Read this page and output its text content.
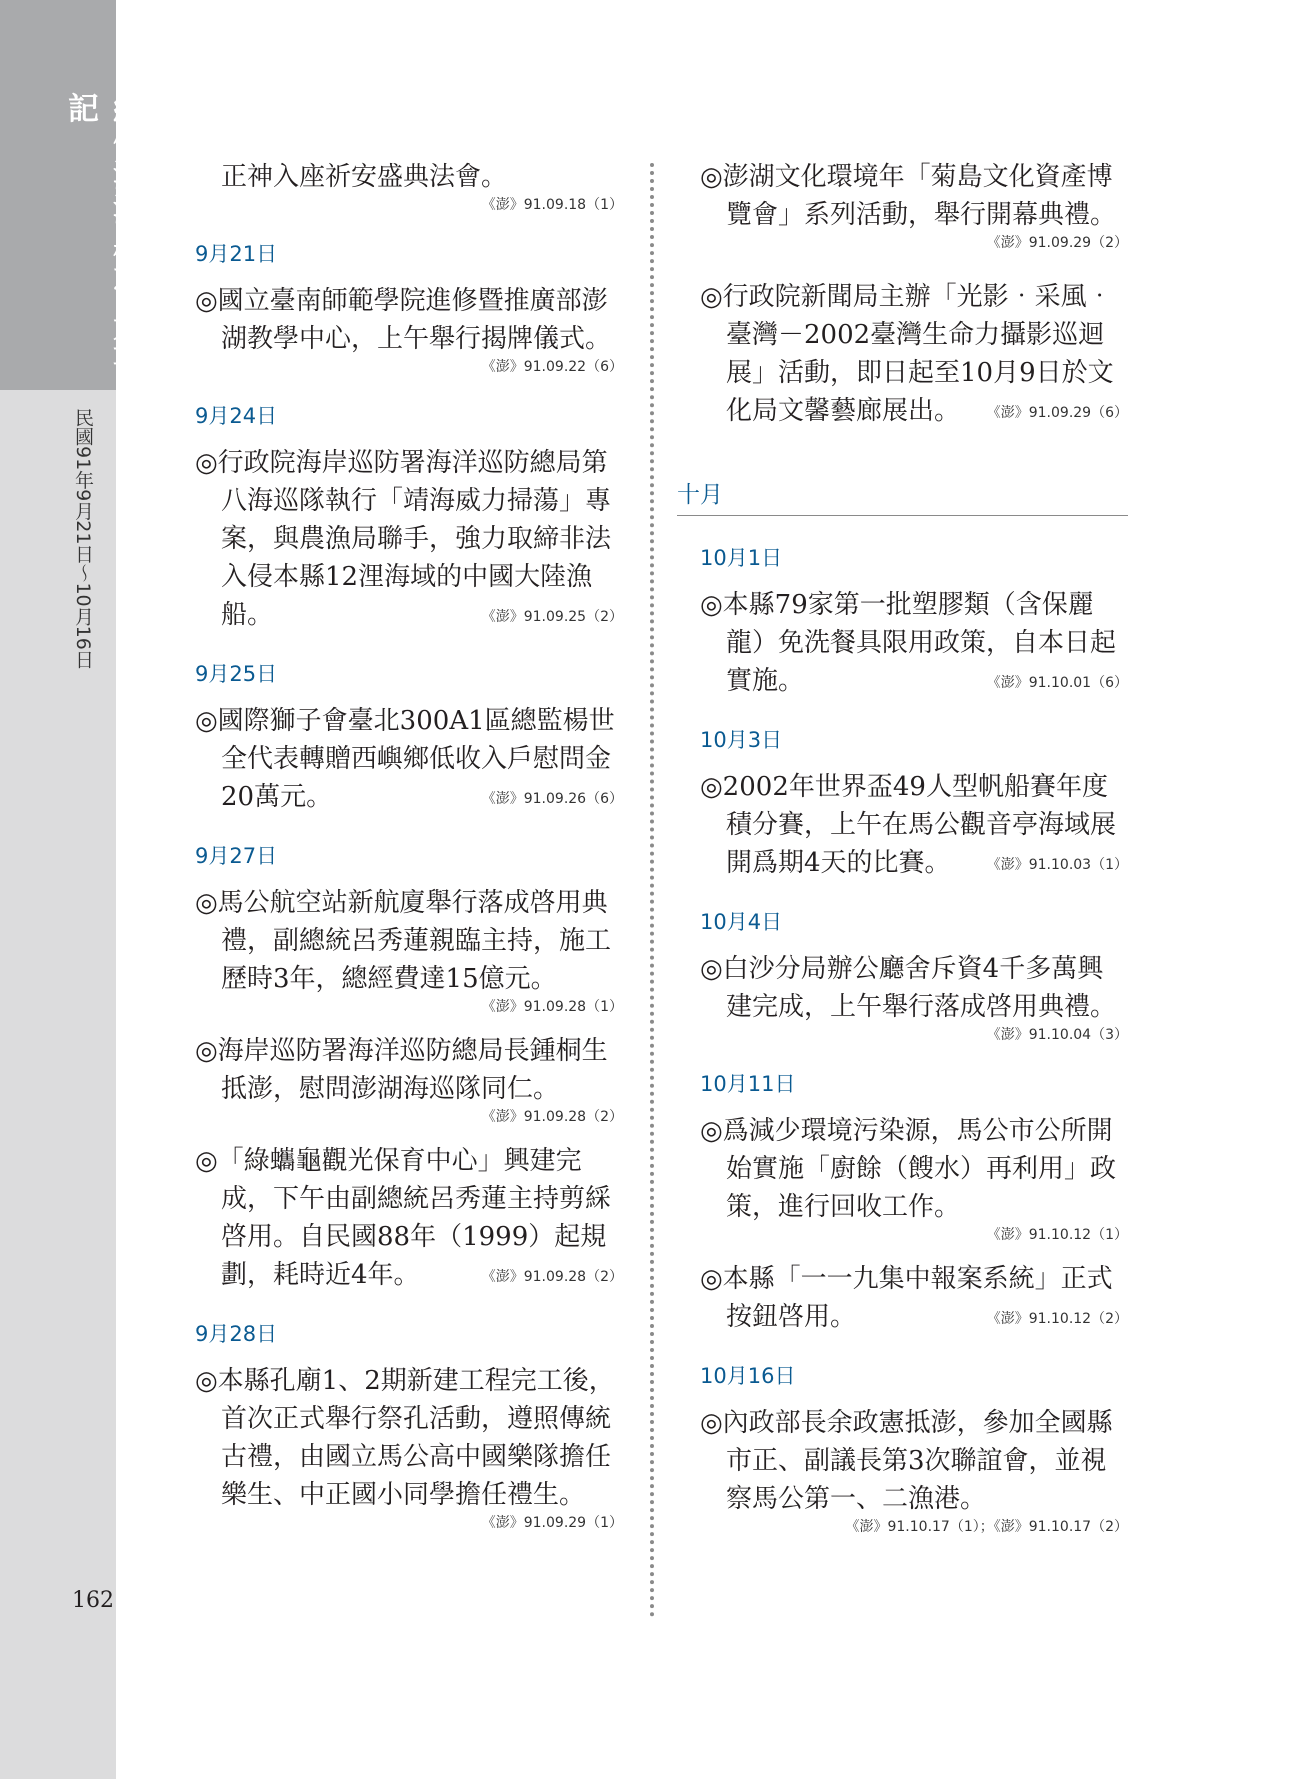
續修澎湖縣志 大事記
民國91年9月21日〜10月16日
162
正神入座祈安盛典法會。
《澎》91.09.18（1）
9月21日
◎國立臺南師範學院進修暨推廣部澎湖教學中心，上午舉行揭牌儀式。
《澎》91.09.22（6）
9月24日
◎行政院海岸巡防署海洋巡防總局第八海巡隊執行「靖海威力掃蕩」專案，與農漁局聯手，強力取締非法入侵本縣12浬海域的中國大陸漁船。	《澎》91.09.25（2）
9月25日
◎國際獅子會臺北300A1區總監楊世全代表轉贈西嶼鄉低收入戶慰問金20萬元。	《澎》91.09.26（6）
9月27日
◎馬公航空站新航廈舉行落成啓用典禮，副總統呂秀蓮親臨主持，施工歷時3年，總經費達15億元。
《澎》91.09.28（1）
◎海岸巡防署海洋巡防總局長鍾桐生抵澎，慰問澎湖海巡隊同仁。
《澎》91.09.28（2）
◎「綠蠵龜觀光保育中心」興建完成，下午由副總統呂秀蓮主持剪綵啓用。自民國88年（1999）起規劃，耗時近4年。	《澎》91.09.28（2）
9月28日
◎本縣孔廟1、2期新建工程完工後，首次正式舉行祭孔活動，遵照傳統古禮，由國立馬公高中國樂隊擔任樂生、中正國小同學擔任禮生。
《澎》91.09.29（1）
◎澎湖文化環境年「菊島文化資產博覽會」系列活動，舉行開幕典禮。
《澎》91.09.29（2）
◎行政院新聞局主辦「光影‧采風‧臺灣－2002臺灣生命力攝影巡迴展」活動，即日起至10月9日於文化局文馨藝廊展出。	《澎》91.09.29（6）
十月
10月1日
◎本縣79家第一批塑膠類（含保麗龍）免洗餐具限用政策，自本日起實施。	《澎》91.10.01（6）
10月3日
◎2002年世界盃49人型帆船賽年度積分賽，上午在馬公觀音亭海域展開爲期4天的比賽。	《澎》91.10.03（1）
10月4日
◎白沙分局辦公廳舍斥資4千多萬興建完成，上午舉行落成啓用典禮。
《澎》91.10.04（3）
10月11日
◎爲減少環境污染源，馬公市公所開始實施「廚餘（餿水）再利用」政策，進行回收工作。
《澎》91.10.12（1）
◎本縣「一一九集中報案系統」正式按鈕啓用。	《澎》91.10.12（2）
10月16日
◎內政部長余政憲抵澎，參加全國縣市正、副議長第3次聯誼會，並視察馬公第一、二漁港。
《澎》91.10.17（1）；《澎》91.10.17（2）
